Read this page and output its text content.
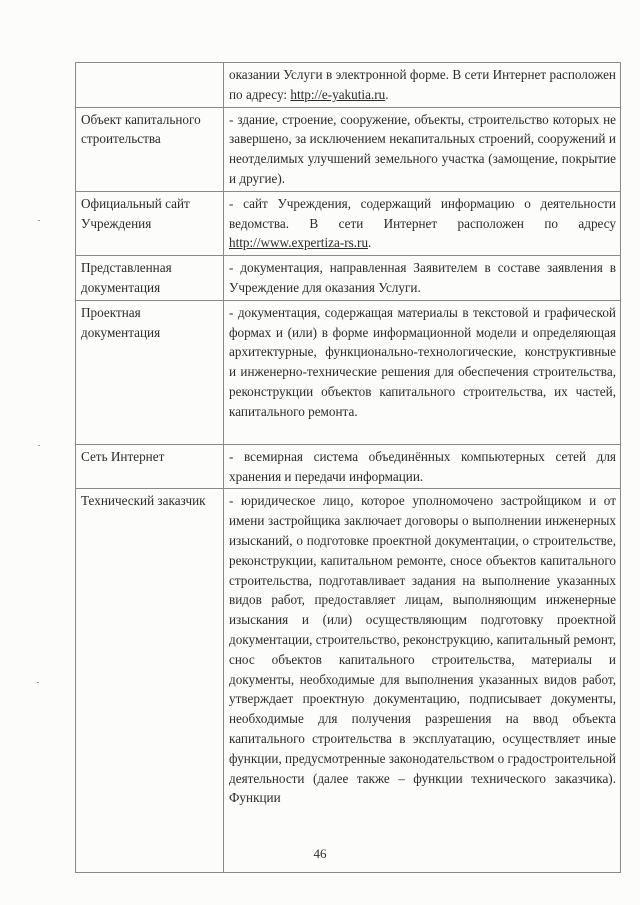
	оказании Услуги в электронной форме. В сети Интернет расположен по адресу: http://e-yakutia.ru.
Объект капитального строительства	- здание, строение, сооружение, объекты, строительство которых не завершено, за исключением некапитальных строений, сооружений и неотделимых улучшений земельного участка (замощение, покрытие и другие).
Официальный сайт Учреждения	- сайт Учреждения, содержащий информацию о деятельности ведомства. В сети Интернет расположен по адресу http://www.expertiza-rs.ru.
Представленная документация	- документация, направленная Заявителем в составе заявления в Учреждение для оказания Услуги.
Проектная документация	- документация, содержащая материалы в текстовой и графической формах и (или) в форме информационной модели и определяющая архитектурные, функционально-технологические, конструктивные и инженерно-технические решения для обеспечения строительства, реконструкции объектов капитального строительства, их частей, капитального ремонта.
Сеть Интернет	- всемирная система объединённых компьютерных сетей для хранения и передачи информации.
Технический заказчик	- юридическое лицо, которое уполномочено застройщиком и от имени застройщика заключает договоры о выполнении инженерных изысканий, о подготовке проектной документации, о строительстве, реконструкции, капитальном ремонте, сносе объектов капитального строительства, подготавливает задания на выполнение указанных видов работ, предоставляет лицам, выполняющим инженерные изыскания и (или) осуществляющим подготовку проектной документации, строительство, реконструкцию, капитальный ремонт, снос объектов капитального строительства, материалы и документы, необходимые для выполнения указанных видов работ, утверждает проектную документацию, подписывает документы, необходимые для получения разрешения на ввод объекта капитального строительства в эксплуатацию, осуществляет иные функции, предусмотренные законодательством о градостроительной деятельности (далее также – функции технического заказчика). Функции
46
